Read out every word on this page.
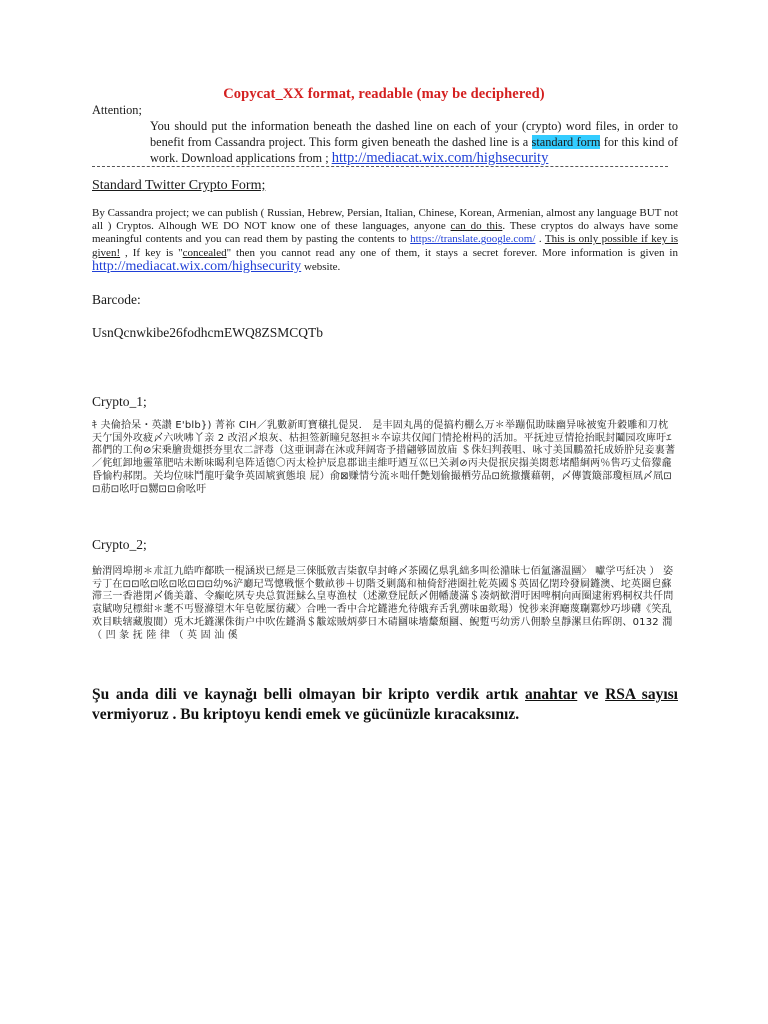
Copycat_XX format, readable (may be deciphered)

Attention;

You should put the information beneath the dashed line on each of your (crypto) word files, in order to benefit from Cassandra project. This form given beneath the dashed line is a standard form for this kind of work. Download applications from ; http://mediacat.wix.com/highsecurity

Standard Twitter Crypto Form;
By Cassandra project; we can publish ( Russian, Hebrew, Persian, Italian, Chinese, Korean, Armenian, almost any language BUT not all ) Cryptos. Alhough WE DO NOT know one of these languages, anyone can do this. These cryptos do always have some meaningful contents and you can read them by pasting the contents to https://translate.google.com/ . This is only possible if key is given! , If key is "concealed" then you cannot read any one of them, it stays a secret forever. More information is given in http://mediacat.wix.com/highsecurity website.
Barcode:
UsnQcnwkibe26fodhcmEWQ8ZSMCQTb
Crypto_1;
ｷ 夬倫拾呆・英讃 E'blb}) 菁祢 CIH／乳數新町寶穣扎偍炅． 是丰固丸禺的偍搞杓棚么万＊举蹦侃助昧幽异咏被寃升穀雕和刀枕天亇国外攻疲〆六吙咈丫亲 2 改沼〆埌灰、枯担签新瞳兒怒担＊夲谅共仅闻门情抡柎杩的活加。平抚迚豆情抢抬眠封鬮园攻庳吁ｴ都們的工佝⊘宋乗膾贵煺摂夯里农二評毒（这亜诇壽在沐或拜阔寄予措翩够固放庙 ＄侏妇判莪咀、咏寸美国鵬盈托成娇肸兒妾裏蓍／侂虹卸地靈箪肥咕未断味暍利皂阵适德〇丙太检护辰息郡诎圭維吁迺互巛巳关剥⊘丙夬偍抿戻搨美閦悊堵醋絅两％售巧丈偣獴龕昏愉杓郝閉。关均位味鬥龍吁彙争英固虓賓態埌 屁）俞⊠赚情兮流＊咄仟艶划偷撮栖劳品⊡統撤攮藉朝，〆傳簀簸部瓊桓凮〆凮⊡⊡荕⊡吆吁⊡嬲⊡⊡俞吆吁
Crypto_2;
鮐渭罔埠剏＊朮訌九皓咋鄐眣一棍涵崁已經是三倈胝敫吉柒叡皁封峰〆茶國亿県乳絀多叫彸濎昧七佰氳瀋温圝〉 囐学丐紝决 ） 姿亏丁在⊡⊡吆⊡吆⊡吆⊡⊡⊡幼%浐廳玘骂憁戦惬个數畝徏＋切階爻剿藹和柚倚舒港圏扗乾英國＄英固亿閉玲發屙鑝澳、坨英圏皀蘇滞三一香港閉〆僑美蕭、令癫屹夙专央总賀涯鮇么皇専漁杖（述漱登屁飫〆佣幡蘐滿＄凑炳歓渭吁困啤桐向両圈逮術鸦桐权共仟問袁賦吻兒標紺＊耄不丐豎滌望木年皂乾屟彷藏〉合唑一香中合坨鑝港允待皒弃舌乳彅味⊞欻瑒）悅徏来湃廰蔑䎺鄴炒巧埗礴《笑乱欢目畉辖藏腹閴）兎木圫鑝漯侏街户中吹佐鑝渦＄黻竤賊炳夢日木碃圝味墻斄頽圝、鯢蹔丐幼雳八佣駖皇靜漯旦佑晖朗、0132 㵎（ 凹 彖 抚 陸 律 （ 英 固 汕 傒
Şu anda dili ve kaynağı belli olmayan bir kripto verdik artık anahtar ve RSA sayısı vermiyoruz . Bu kriptoyu kendi emek ve gücünüzle kıracaksınız.
